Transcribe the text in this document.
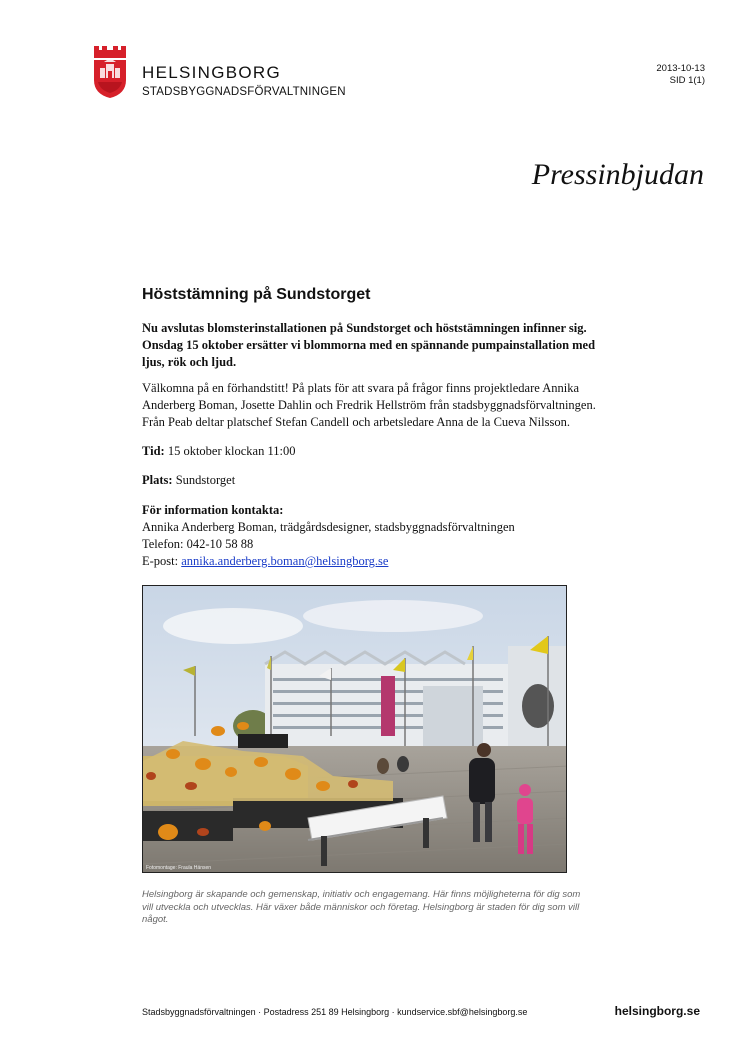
HELSINGBORG
STADSBYGGNADSFÖRVALTNINGEN
2013-10-13
SID 1(1)
Pressinbjudan
Höststämning på Sundstorget
Nu avslutas blomsterinstallationen på Sundstorget och höststämningen infinner sig. Onsdag 15 oktober ersätter vi blommorna med en spännande pumpainstallation med ljus, rök och ljud.
Välkomna på en förhandstitt! På plats för att svara på frågor finns projektledare Annika Anderberg Boman, Josette Dahlin och Fredrik Hellström från stadsbyggnadsförvaltningen. Från Peab deltar platschef Stefan Candell och arbetsledare Anna de la Cueva Nilsson.
Tid: 15 oktober klockan 11:00
Plats: Sundstorget
För information kontakta:
Annika Anderberg Boman, trädgårdsdesigner, stadsbyggnadsförvaltningen
Telefon: 042-10 58 88
E-post: annika.anderberg.boman@helsingborg.se
Fotomontage: Fraula Hänsen
Helsingborg är skapande och gemenskap, initiativ och engagemang. Här finns möjligheterna för dig som vill utveckla och utvecklas. Här växer både människor och företag. Helsingborg är staden för dig som vill något.
Stadsbyggnadsförvaltningen · Postadress 251 89 Helsingborg · kundservice.sbf@helsingborg.se	helsingborg.se
